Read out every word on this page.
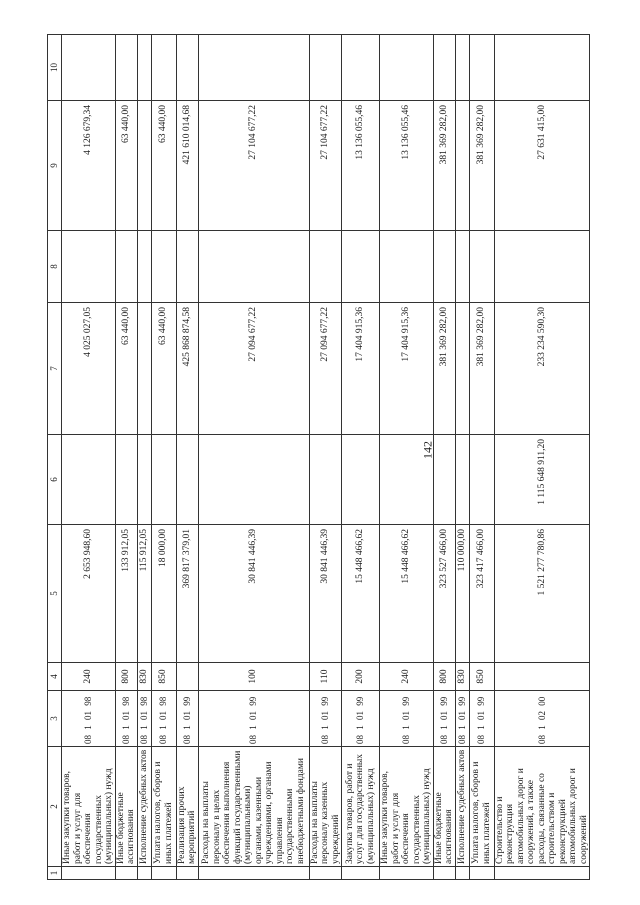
142
1	2	3	4	5	6	7	8	9	10
	Иные закупки товаров, работ и услуг для обеспечения государственных (муниципальных) нужд	08 1 01 98	240	2 653 948,60		4 025 027,05		4 126 679,34	
	Иные бюджетные ассигнования	08 1 01 98	800	133 912,05		63 440,00		63 440,00	
	Исполнение судебных актов	08 1 01 98	830	115 912,05					
	Уплата налогов, сборов и иных платежей	08 1 01 98	850	18 000,00		63 440,00		63 440,00	
	Реализация прочих мероприятий	08 1 01 99		369 817 379,01		425 868 874,58		421 610 014,68	
	Расходы на выплаты персоналу в целях обеспечения выполнения функций государственными (муниципальными) органами, казенными учреждениями, органами управления государственными внебюджетными фондами	08 1 01 99	100	30 841 446,39		27 094 677,22		27 104 677,22	
	Расходы на выплаты персоналу казенных учреждений	08 1 01 99	110	30 841 446,39		27 094 677,22		27 104 677,22	
	Закупка товаров, работ и услуг для государственных (муниципальных) нужд	08 1 01 99	200	15 448 466,62		17 404 915,36		13 136 055,46	
	Иные закупки товаров, работ и услуг для обеспечения государственных (муниципальных) нужд	08 1 01 99	240	15 448 466,62		17 404 915,36		13 136 055,46	
	Иные бюджетные ассигнования	08 1 01 99	800	323 527 466,00		381 369 282,00		381 369 282,00	
	Исполнение судебных актов	08 1 01 99	830	110 000,00					
	Уплата налогов, сборов и иных платежей	08 1 01 99	850	323 417 466,00		381 369 282,00		381 369 282,00	
	Строительство и реконструкция автомобильных дорог и сооружений, а также расходы, связанные со строительством и реконструкцией автомобильных дорог и сооружений	08 1 02 00		1 521 277 780,86	1 115 648 911,20	233 234 590,30		27 631 415,00	
